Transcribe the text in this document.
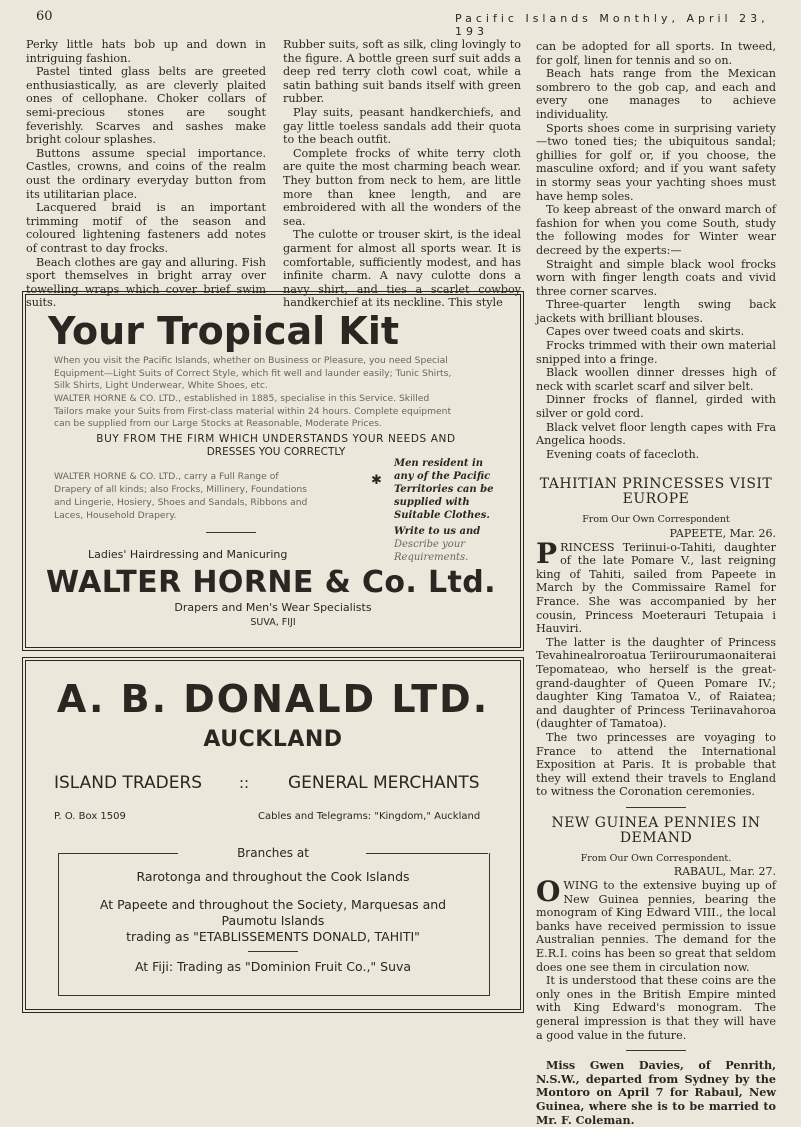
60	Pacific Islands Monthly, April 23, 193

Perky little hats bob up and down in intriguing fashion.

Pastel tinted glass belts are greeted enthusiastically, as are cleverly plaited ones of cellophane. Choker collars of semi-precious stones are sought feverishly. Scarves and sashes make bright colour splashes.

Buttons assume special importance. Castles, crowns, and coins of the realm oust the ordinary everyday button from its utilitarian place.

Lacquered braid is an important trimming motif of the season and coloured lightening fasteners add notes of contrast to day frocks.

Beach clothes are gay and alluring. Fish sport themselves in bright array over towelling wraps which cover brief swim suits.

Rubber suits, soft as silk, cling lovingly to the figure. A bottle green surf suit adds a deep red terry cloth cowl coat, while a satin bathing suit bands itself with green rubber.

Play suits, peasant handkerchiefs, and gay little toeless sandals add their quota to the beach outfit.

Complete frocks of white terry cloth are quite the most charming beach wear. They button from neck to hem, are little more than knee length, and are embroidered with all the wonders of the sea.

The culotte or trouser skirt, is the ideal garment for almost all sports wear. It is comfortable, sufficiently modest, and has infinite charm. A navy culotte dons a navy shirt, and ties a scarlet cowboy handkerchief at its neckline. This style

can be adopted for all sports. In tweed, for golf, linen for tennis and so on.

Beach hats range from the Mexican sombrero to the gob cap, and each and every one manages to achieve individuality.

Sports shoes come in surprising variety—two toned ties; the ubiquitous sandal; ghillies for golf or, if you choose, the masculine oxford; and if you want safety in stormy seas your yachting shoes must have hemp soles.

To keep abreast of the onward march of fashion for when you come South, study the following modes for Winter wear decreed by the experts:—

Straight and simple black wool frocks worn with finger length coats and vivid three corner scarves.

Three-quarter length swing back jackets with brilliant blouses.

Capes over tweed coats and skirts.

Frocks trimmed with their own material snipped into a fringe.

Black woollen dinner dresses high of neck with scarlet scarf and silver belt.

Dinner frocks of flannel, girded with silver or gold cord.

Black velvet floor length capes with Fra Angelica hoods.

Evening coats of facecloth.

TAHITIAN PRINCESSES VISIT EUROPE
From Our Own Correspondent
PAPEETE, Mar. 26.

PRINCESS Teriinui-o-Tahiti, daughter of the late Pomare V., last reigning king of Tahiti, sailed from Papeete in March by the Commissaire Ramel for France. She was accompanied by her cousin, Princess Moeterauri Tetupaia i Hauviri.

The latter is the daughter of Princess Tevahinealroroatua Teriirourumaonaiterai Tepomateao, who herself is the great-grand-daughter of Queen Pomare IV.; daughter King Tamatoa V., of Raiatea; and daughter of Princess Teriinavahoroa (daughter of Tamatoa).

The two princesses are voyaging to France to attend the International Exposition at Paris. It is probable that they will extend their travels to England to witness the Coronation ceremonies.

NEW GUINEA PENNIES IN DEMAND
From Our Own Correspondent.
RABAUL, Mar. 27.

OWING to the extensive buying up of New Guinea pennies, bearing the monogram of King Edward VIII., the local banks have received permission to issue Australian pennies. The demand for the E.R.I. coins has been so great that seldom does one see them in circulation now.

It is understood that these coins are the only ones in the British Empire minted with King Edward's monogram. The general impression is that they will have a good value in the future.

Miss Gwen Davies, of Penrith, N.S.W., departed from Sydney by the Montoro on April 7 for Rabaul, New Guinea, where she is to be married to Mr. F. Coleman.

Your Tropical Kit
When you visit the Pacific Islands, whether on Business or Pleasure, you need Special
Equipment—Light Suits of Correct Style, which fit well and launder easily; Tunic Shirts,
Silk Shirts, Light Underwear, White Shoes, etc.
WALTER HORNE & CO. LTD., established in 1885, specialise in this Service. Skilled
Tailors make your Suits from First-class material within 24 hours. Complete equipment
can be supplied from our Large Stocks at Reasonable, Moderate Prices.
BUY FROM THE FIRM WHICH UNDERSTANDS YOUR NEEDS AND
DRESSES YOU CORRECTLY
WALTER HORNE & CO. LTD., carry a Full Range of
Drapery of all kinds; also Frocks, Millinery, Foundations
and Lingerie, Hosiery, Shoes and Sandals, Ribbons and
Laces, Household Drapery.
✱
Men resident in
any of the Pacific
Territories can be
supplied with
Suitable Clothes.
Write to us and
Describe your
Requirements.
Ladies' Hairdressing and Manicuring
WALTER HORNE & Co. Ltd.
Drapers and Men's Wear Specialists
SUVA, FIJI
A. B. DONALD LTD.
AUCKLAND
ISLAND TRADERS :: GENERAL MERCHANTS
P. O. Box 1509	Cables and Telegrams: "Kingdom," Auckland
Branches at
Rarotonga and throughout the Cook Islands
At Papeete and throughout the Society, Marquesas and
Paumotu Islands
trading as "ETABLISSEMENTS DONALD, TAHITI"
At Fiji: Trading as "Dominion Fruit Co.," Suva
